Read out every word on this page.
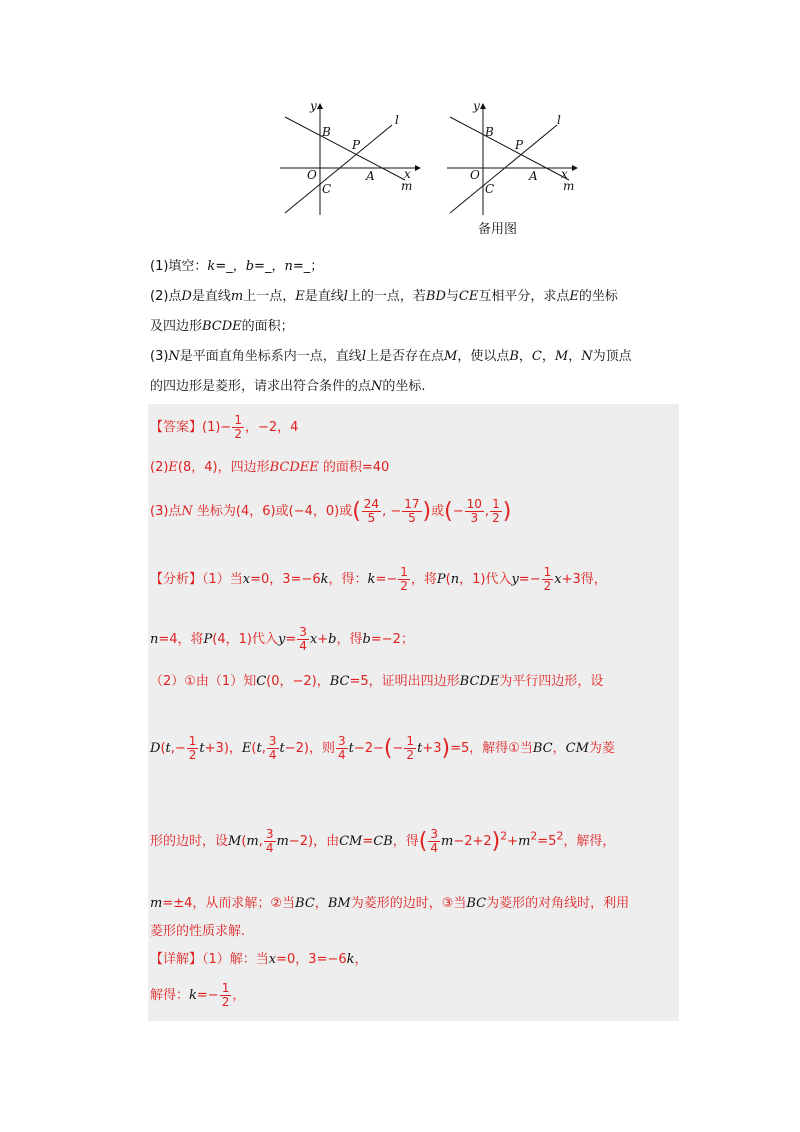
y
B
l
P
O	A x
m
C
y
B
l
P
O	A x
m
C
备用图
(1)填空：k=_，b=_，n=_；
(2)点D是直线m上一点，E是直线l上的一点，若BD与CE互相平分，求点E的坐标
及四边形BCDE的面积；
(3)N是平面直角坐标系内一点，直线l上是否存在点M，使以点B，C，M，N为顶点
的四边形是菱形，请求出符合条件的点N的坐标.
【答案】$(1)- \frac{1}{2}$ ，−2，4
(2)E(8，4)，四边形BCDEE 的面积=40
(3)点N 坐标为(4，6)或(−4，0)或( $\frac{24}{5}$ , − $\frac{17}{5}$ )或(− $\frac{10}{3}$ , $\frac{1}{2}$ )
【分析】（1）当x=0，3=−6k，得：$k=- \frac{1}{2}$ ，将P(n，1)代入$y=- \frac{1}{2} x+3$得，
n=4，将P(4，1)代入$y= \frac{3}{4} x+b$，得b=−2；
（2）①由（1）知C(0，−2)，BC=5，证明出四边形BCDE为平行四边形，设
$D(t,- \frac{1}{2} t+3)$，E(t, $\frac{3}{4} t-2$)，则 $\frac{3}{4} t-2-(- \frac{1}{2} t+3)=5$，解得①当BC，CM为菱
形的边时，设M(m, $\frac{3}{4} m-2$)，由CM=CB，得( $\frac{3}{4} m-2+2)^2+m^2=5^2$，解得，
m=±4，从而求解；②当BC，BM为菱形的边时，③当BC为菱形的对角线时，利用
菱形的性质求解.
【详解】（1）解：当x=0，3=−6k，
解得：$k=- \frac{1}{2}$ ，
